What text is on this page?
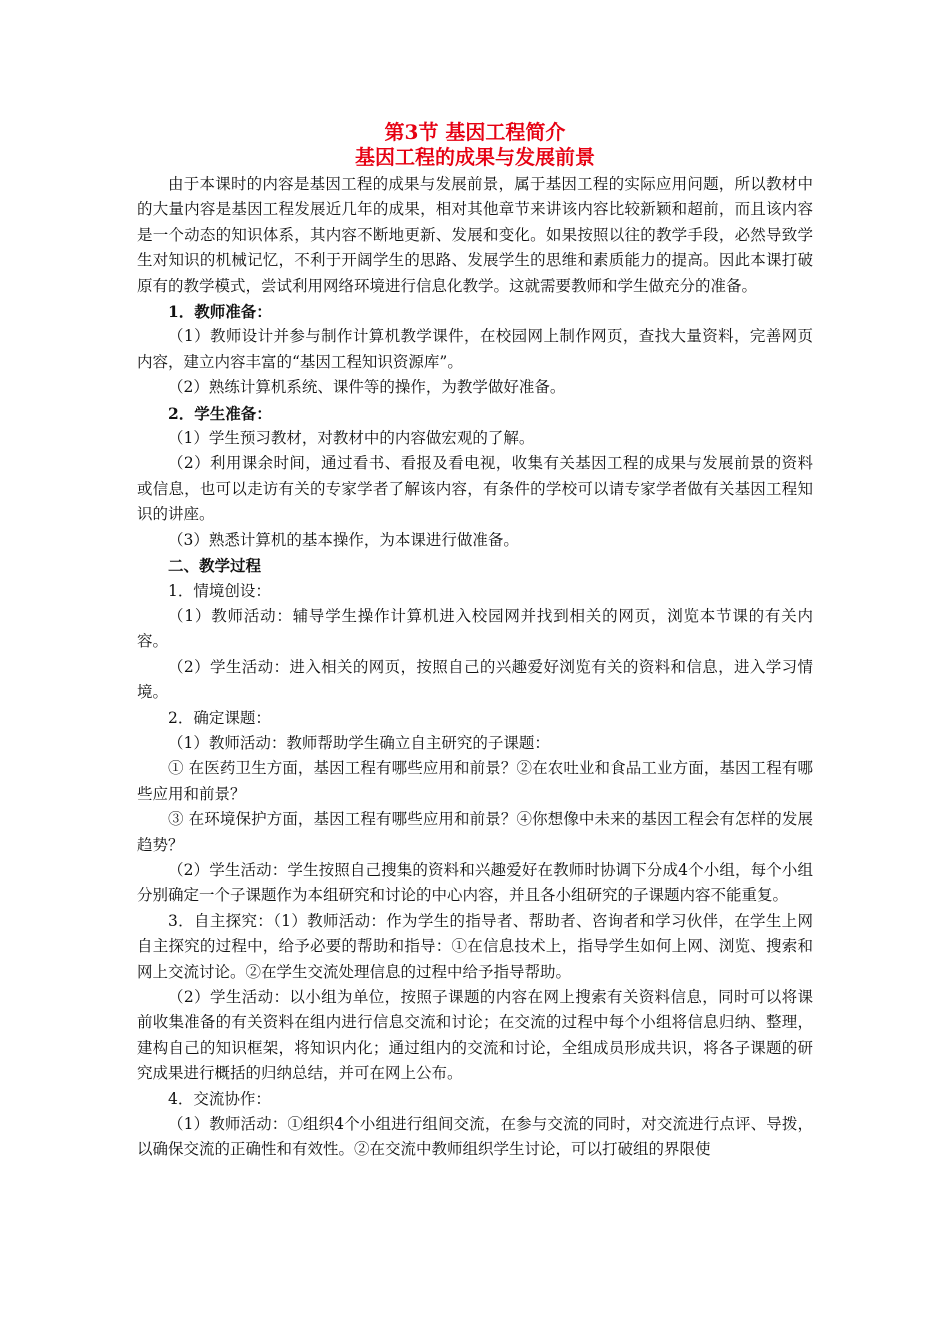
第3节 基因工程简介
基因工程的成果与发展前景

由于本课时的内容是基因工程的成果与发展前景，属于基因工程的实际应用问题，所以教材中的大量内容是基因工程发展近几年的成果，相对其他章节来讲该内容比较新颖和超前，而且该内容是一个动态的知识体系，其内容不断地更新、发展和变化。如果按照以往的教学手段，必然导致学生对知识的机械记忆，不利于开阔学生的思路、发展学生的思维和素质能力的提高。因此本课打破原有的教学模式，尝试利用网络环境进行信息化教学。这就需要教师和学生做充分的准备。

1．教师准备：

（1）教师设计并参与制作计算机教学课件，在校园网上制作网页，查找大量资料，完善网页内容，建立内容丰富的“基因工程知识资源库”。

（2）熟练计算机系统、课件等的操作，为教学做好准备。

2．学生准备：

（1）学生预习教材，对教材中的内容做宏观的了解。

（2）利用课余时间，通过看书、看报及看电视，收集有关基因工程的成果与发展前景的资料或信息，也可以走访有关的专家学者了解该内容，有条件的学校可以请专家学者做有关基因工程知识的讲座。

（3）熟悉计算机的基本操作，为本课进行做准备。

二、教学过程

1．情境创设：

（1）教师活动：辅导学生操作计算机进入校园网并找到相关的网页，浏览本节课的有关内容。

（2）学生活动：进入相关的网页，按照自己的兴趣爱好浏览有关的资料和信息，进入学习情境。

2．确定课题：

（1）教师活动：教师帮助学生确立自主研究的子课题：

① 在医药卫生方面，基因工程有哪些应用和前景？②在农吐业和食品工业方面，基因工程有哪些应用和前景？

③ 在环境保护方面，基因工程有哪些应用和前景？④你想像中未来的基因工程会有怎样的发展趋势？

（2）学生活动：学生按照自己搜集的资料和兴趣爱好在教师时协调下分成4个小组，每个小组分别确定一个子课题作为本组研究和讨论的中心内容，并且各小组研究的子课题内容不能重复。

3．自主探究：（1）教师活动：作为学生的指导者、帮助者、咨询者和学习伙伴，在学生上网自主探究的过程中，给予必要的帮助和指导：①在信息技术上，指导学生如何上网、浏览、搜索和网上交流讨论。②在学生交流处理信息的过程中给予指导帮助。

（2）学生活动：以小组为单位，按照子课题的内容在网上搜索有关资料信息，同时可以将课前收集准备的有关资料在组内进行信息交流和讨论；在交流的过程中每个小组将信息归纳、整理，建构自己的知识框架，将知识内化；通过组内的交流和讨论，全组成员形成共识，将各子课题的研究成果进行概括的归纳总结，并可在网上公布。

4．交流协作：

（1）教师活动：①组织4个小组进行组间交流，在参与交流的同时，对交流进行点评、导拨，以确保交流的正确性和有效性。②在交流中教师组织学生讨论，可以打破组的界限使
